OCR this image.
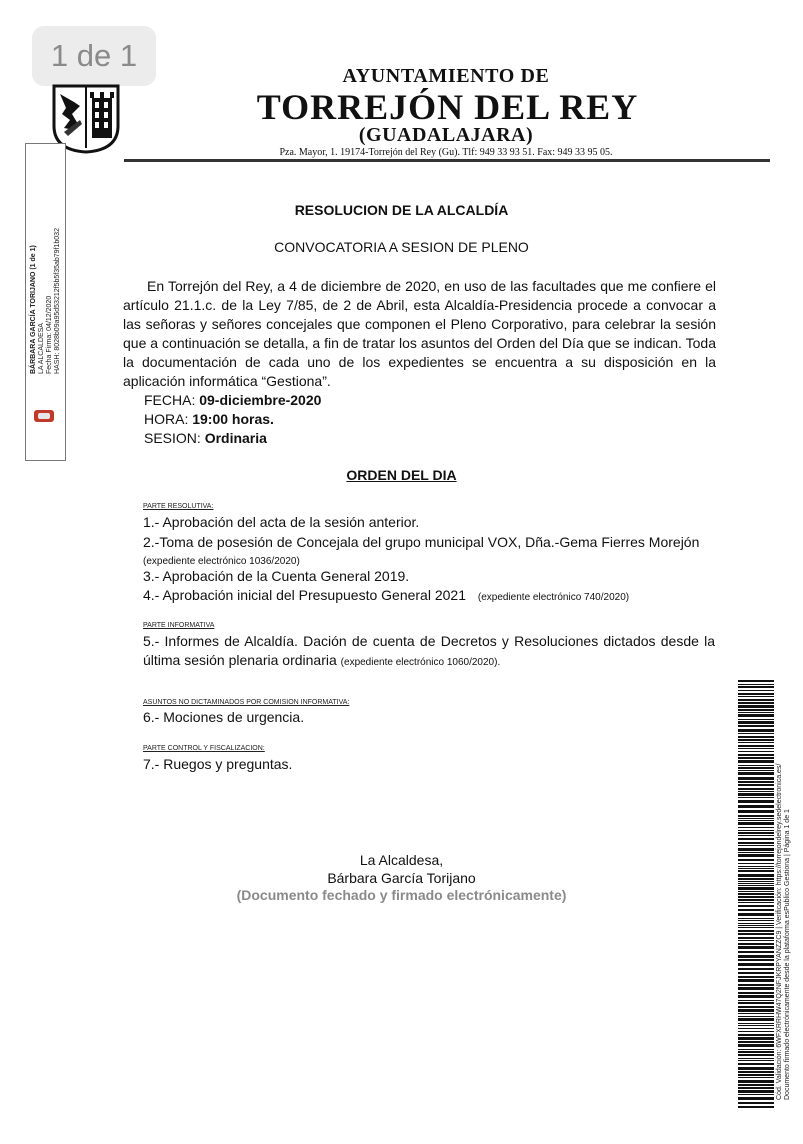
1 de 1
AYUNTAMIENTO DE
TORREJÓN DEL REY
(GUADALAJARA)
Pza. Mayor, 1. 19174-Torrejón del Rey (Gu). Tlf: 949 33 93 51. Fax: 949 33 95 05.
BÁRBARA GARCÍA TORIJANO (1 de 1) LA ALCALDESA Fecha Firma: 04/12/2020 HASH: 8028b09a95d53212f5b5f35ab79f1b032
RESOLUCION DE LA ALCALDÍA
CONVOCATORIA A SESION DE PLENO
En Torrejón del Rey, a 4 de diciembre de 2020, en uso de las facultades que me confiere el artículo 21.1.c. de la Ley 7/85, de 2 de Abril, esta Alcaldía-Presidencia procede a convocar a las señoras y señores concejales que componen el Pleno Corporativo, para celebrar la sesión que a continuación se detalla, a fin de tratar los asuntos del Orden del Día que se indican. Toda la documentación de cada uno de los expedientes se encuentra a su disposición en la aplicación informática “Gestiona”.
FECHA: 09-diciembre-2020
HORA: 19:00 horas.
SESION: Ordinaria
ORDEN DEL DIA
PARTE RESOLUTIVA:
1.- Aprobación del acta de la sesión anterior.
2.-Toma de posesión de Concejala del grupo municipal VOX, Dña.-Gema Fierres Morejón
(expediente electrónico 1036/2020)
3.- Aprobación de la Cuenta General 2019.
4.- Aprobación inicial del Presupuesto General 2021 (expediente electrónico 740/2020)
PARTE INFORMATIVA
5.- Informes de Alcaldía. Dación de cuenta de Decretos y Resoluciones dictados desde la última sesión plenaria ordinaria (expediente electrónico 1060/2020).
ASUNTOS NO DICTAMINADOS POR COMISION INFORMATIVA:
6.- Mociones de urgencia.
PARTE CONTROL Y FISCALIZACION:
7.- Ruegos y preguntas.
La Alcaldesa,
Bárbara García Torijano
(Documento fechado y firmado electrónicamente)	Cód. Validación: 6WFXRRHW47Q2NFJKRPYANZZC9 | Verificación: https://torrejondelrey.sedelectronica.es/ Documento firmado electrónicamente desde la plataforma esPublico Gestiona | Página 1 de 1
